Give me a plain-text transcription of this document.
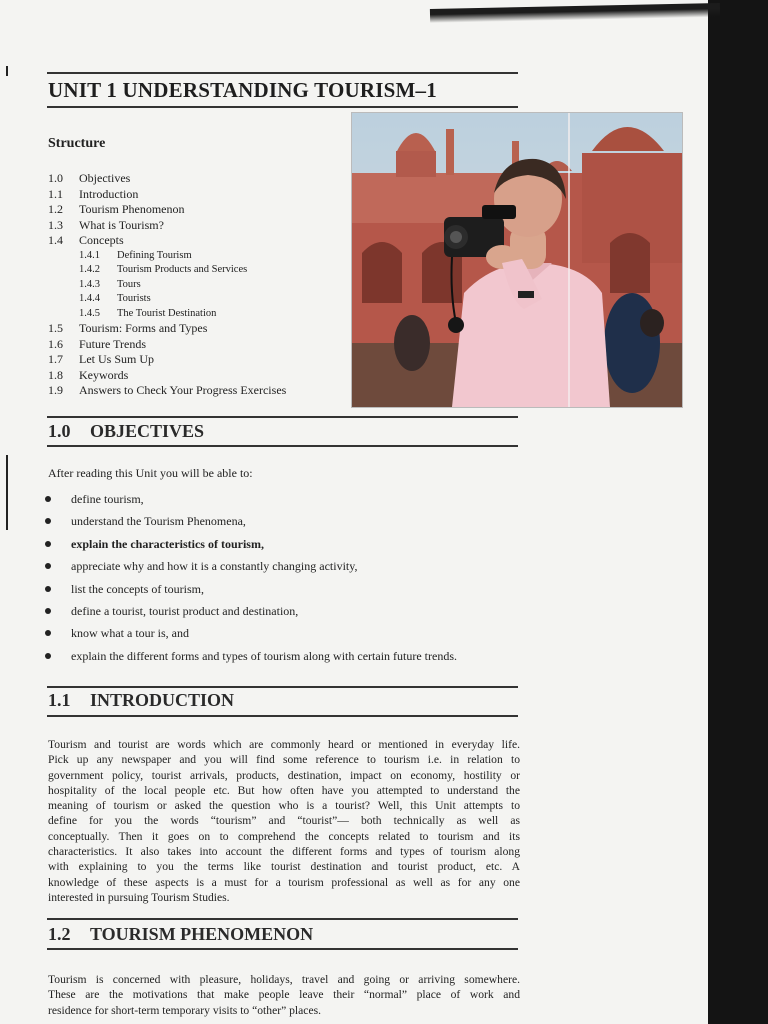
UNIT 1 UNDERSTANDING TOURISM–1
Structure
1.0 Objectives
1.1 Introduction
1.2 Tourism Phenomenon
1.3 What is Tourism?
1.4 Concepts
1.4.1 Defining Tourism
1.4.2 Tourism Products and Services
1.4.3 Tours
1.4.4 Tourists
1.4.5 The Tourist Destination
1.5 Tourism: Forms and Types
1.6 Future Trends
1.7 Let Us Sum Up
1.8 Keywords
1.9 Answers to Check Your Progress Exercises
1.0 OBJECTIVES

After reading this Unit you will be able to:

define tourism,
understand the Tourism Phenomena,
explain the characteristics of tourism,
appreciate why and how it is a constantly changing activity,
list the concepts of tourism,
define a tourist, tourist product and destination,
know what a tour is, and
explain the different forms and types of tourism along with certain future trends.
1.1 INTRODUCTION
Tourism and tourist are words which are commonly heard or mentioned in everyday life.
Pick up any newspaper and you will find some reference to tourism i.e. in relation to
government policy, tourist arrivals, products, destination, impact on economy, hostility or
hospitality of the local people etc. But how often have you attempted to understand the
meaning of tourism or asked the question who is a tourist? Well, this Unit attempts to
define for you the words “tourism” and “tourist”— both technically as well as
conceptually. Then it goes on to comprehend the concepts related to tourism and its
characteristics. It also takes into account the different forms and types of tourism along
with explaining to you the terms like tourist destination and tourist product, etc. A
knowledge of these aspects is a must for a tourism professional as well as for any one
interested in pursuing Tourism Studies.
1.2 TOURISM PHENOMENON
Tourism is concerned with pleasure, holidays, travel and going or arriving somewhere.
These are the motivations that make people leave their “normal” place of work and
residence for short-term temporary visits to “other” places.
